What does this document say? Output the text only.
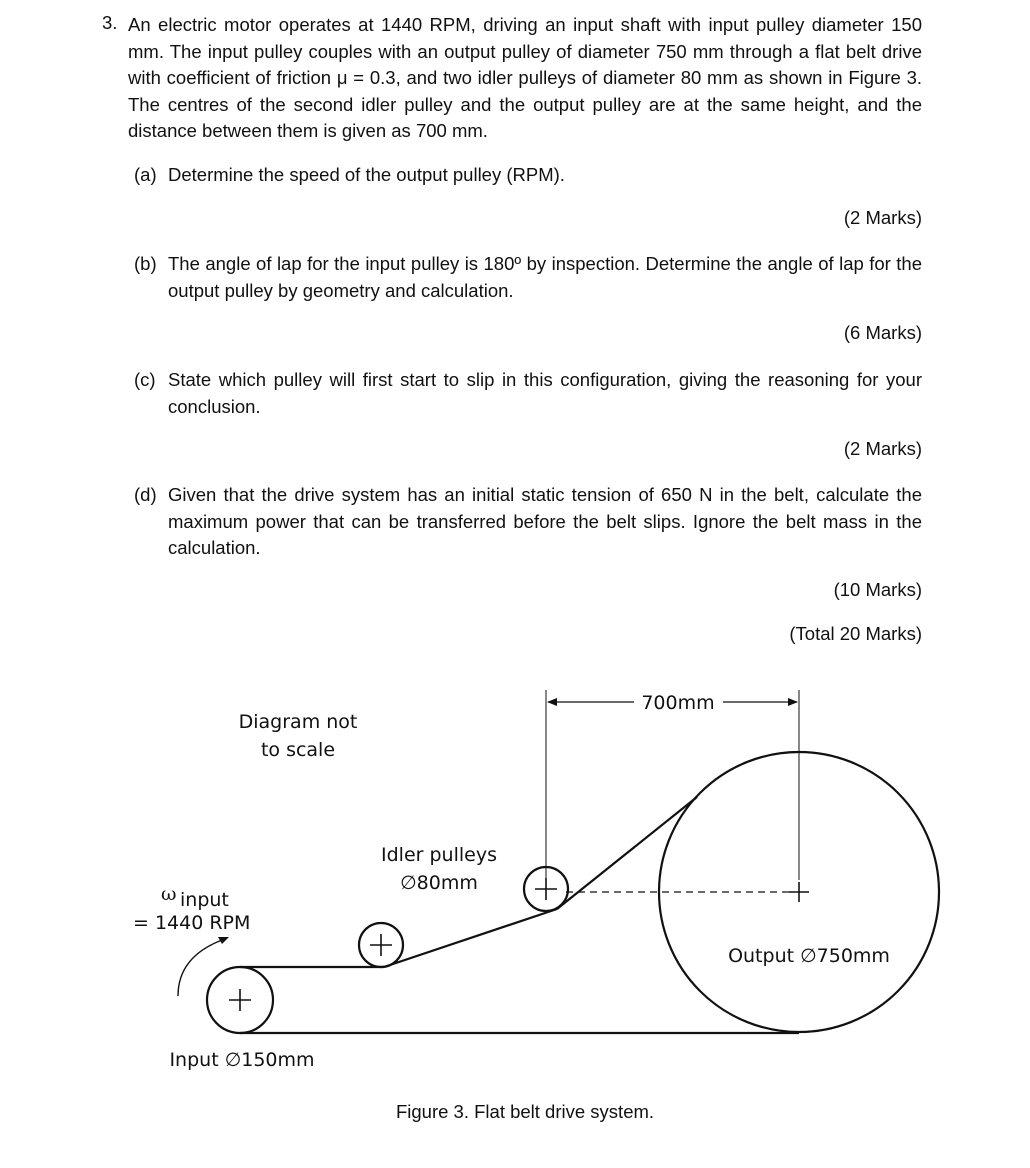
3. An electric motor operates at 1440 RPM, driving an input shaft with input pulley diameter 150 mm. The input pulley couples with an output pulley of diameter 750 mm through a flat belt drive with coefficient of friction μ = 0.3, and two idler pulleys of diameter 80 mm as shown in Figure 3. The centres of the second idler pulley and the output pulley are at the same height, and the distance between them is given as 700 mm.
(a) Determine the speed of the output pulley (RPM).
(2 Marks)
(b) The angle of lap for the input pulley is 180º by inspection. Determine the angle of lap for the output pulley by geometry and calculation.
(6 Marks)
(c) State which pulley will first start to slip in this configuration, giving the reasoning for your conclusion.
(2 Marks)
(d) Given that the drive system has an initial static tension of 650 N in the belt, calculate the maximum power that can be transferred before the belt slips. Ignore the belt mass in the calculation.
(10 Marks)
(Total 20 Marks)
700mm
Diagram not
to scale
Output ∅750mm
Idler pulleys
∅80mm
Input ∅150mm
ω input
= 1440 RPM
Figure 3. Flat belt drive system.
